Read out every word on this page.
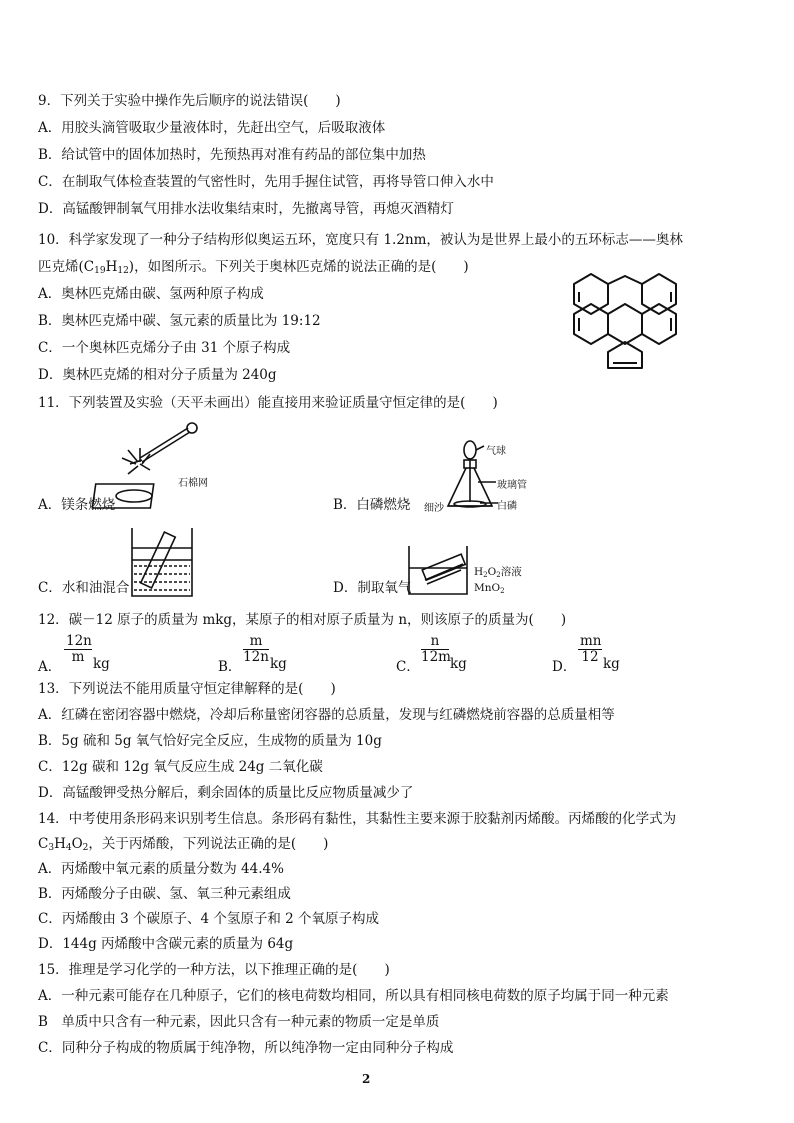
9．下列关于实验中操作先后顺序的说法错误(　　)
A．用胶头滴管吸取少量液体时，先赶出空气，后吸取液体
B．给试管中的固体加热时，先预热再对准有药品的部位集中加热
C．在制取气体检查装置的气密性时，先用手握住试管，再将导管口伸入水中
D．高锰酸钾制氧气用排水法收集结束时，先撤离导管，再熄灭酒精灯
10．科学家发现了一种分子结构形似奥运五环，宽度只有 1.2nm，被认为是世界上最小的五环标志——奥林
匹克烯$(C_{19}H_{12})$，如图所示。下列关于奥林匹克烯的说法正确的是(　　)
A．奥林匹克烯由碳、氢两种原子构成
B．奥林匹克烯中碳、氢元素的质量比为 19:12
C．一个奥林匹克烯分子由 31 个原子构成
D．奥林匹克烯的相对分子质量为 240g
11．下列装置及实验（天平未画出）能直接用来验证质量守恒定律的是(　　)
石棉网
A．镁条燃烧
气球
玻璃管
细沙	白磷
B．白磷燃烧
C．水和油混合
$H_2O_2$溶液
MnO$_2$
D．制取氧气
12．碳－12 原子的质量为 mkg，某原子的相对原子质量为 n，则该原子的质量为(　　)
A．
$\frac{12n}{m}$ kg	B．
$\frac{m}{12n}$ kg	C．
$\frac{n}{12m}$ kg	D．
$\frac{mn}{12}$ kg
13．下列说法不能用质量守恒定律解释的是(　　)
A．红磷在密闭容器中燃烧，冷却后称量密闭容器的总质量，发现与红磷燃烧前容器的总质量相等
B．5g 硫和 5g 氧气恰好完全反应，生成物的质量为 10g
C．12g 碳和 12g 氧气反应生成 24g 二氧化碳
D．高锰酸钾受热分解后，剩余固体的质量比反应物质量减少了
14．中考使用条形码来识别考生信息。条形码有黏性，其黏性主要来源于胶黏剂丙烯酸。丙烯酸的化学式为
$C_3H_4O_2$，关于丙烯酸，下列说法正确的是(　　)
A．丙烯酸中氧元素的质量分数为 44.4%
B．丙烯酸分子由碳、氢、氧三种元素组成
C．丙烯酸由 3 个碳原子、4 个氢原子和 2 个氧原子构成
D．144g 丙烯酸中含碳元素的质量为 64g
15．推理是学习化学的一种方法，以下推理正确的是(　　)
A．一种元素可能存在几种原子，它们的核电荷数均相同，所以具有相同核电荷数的原子均属于同一种元素
B　单质中只含有一种元素，因此只含有一种元素的物质一定是单质
C．同种分子构成的物质属于纯净物，所以纯净物一定由同种分子构成
2
